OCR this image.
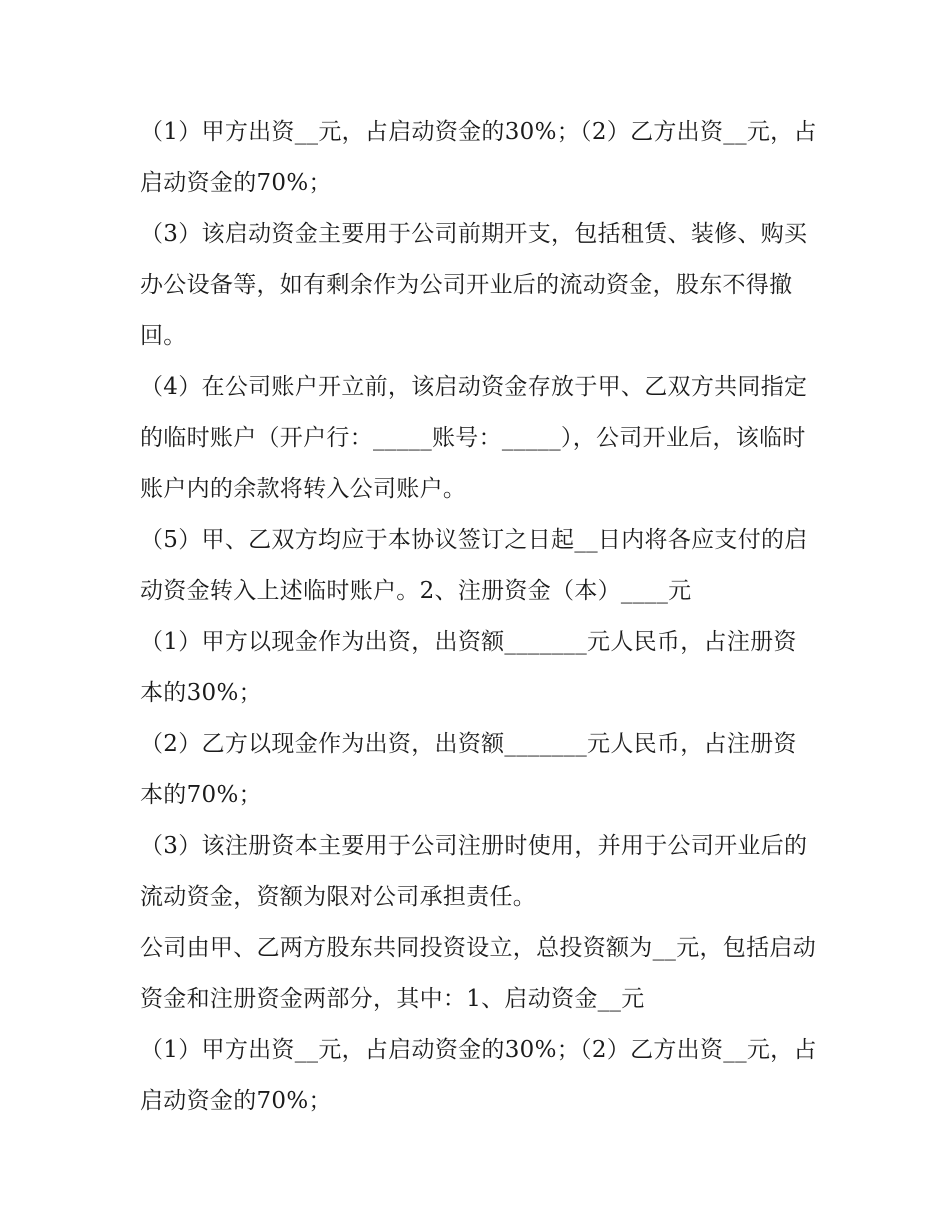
（1）甲方出资__元，占启动资金的30%；（2）乙方出资__元，占启动资金的70%；

（3）该启动资金主要用于公司前期开支，包括租赁、装修、购买办公设备等，如有剩余作为公司开业后的流动资金，股东不得撤回。

（4）在公司账户开立前，该启动资金存放于甲、乙双方共同指定的临时账户（开户行：_____账号：_____），公司开业后，该临时账户内的余款将转入公司账户。

（5）甲、乙双方均应于本协议签订之日起__日内将各应支付的启动资金转入上述临时账户。2、注册资金（本）____元

（1）甲方以现金作为出资，出资额_______元人民币，占注册资本的30%；

（2）乙方以现金作为出资，出资额_______元人民币，占注册资本的70%；

（3）该注册资本主要用于公司注册时使用，并用于公司开业后的流动资金，资额为限对公司承担责任。

公司由甲、乙两方股东共同投资设立，总投资额为__元，包括启动资金和注册资金两部分，其中：1、启动资金__元

（1）甲方出资__元，占启动资金的30%；（2）乙方出资__元，占启动资金的70%；
